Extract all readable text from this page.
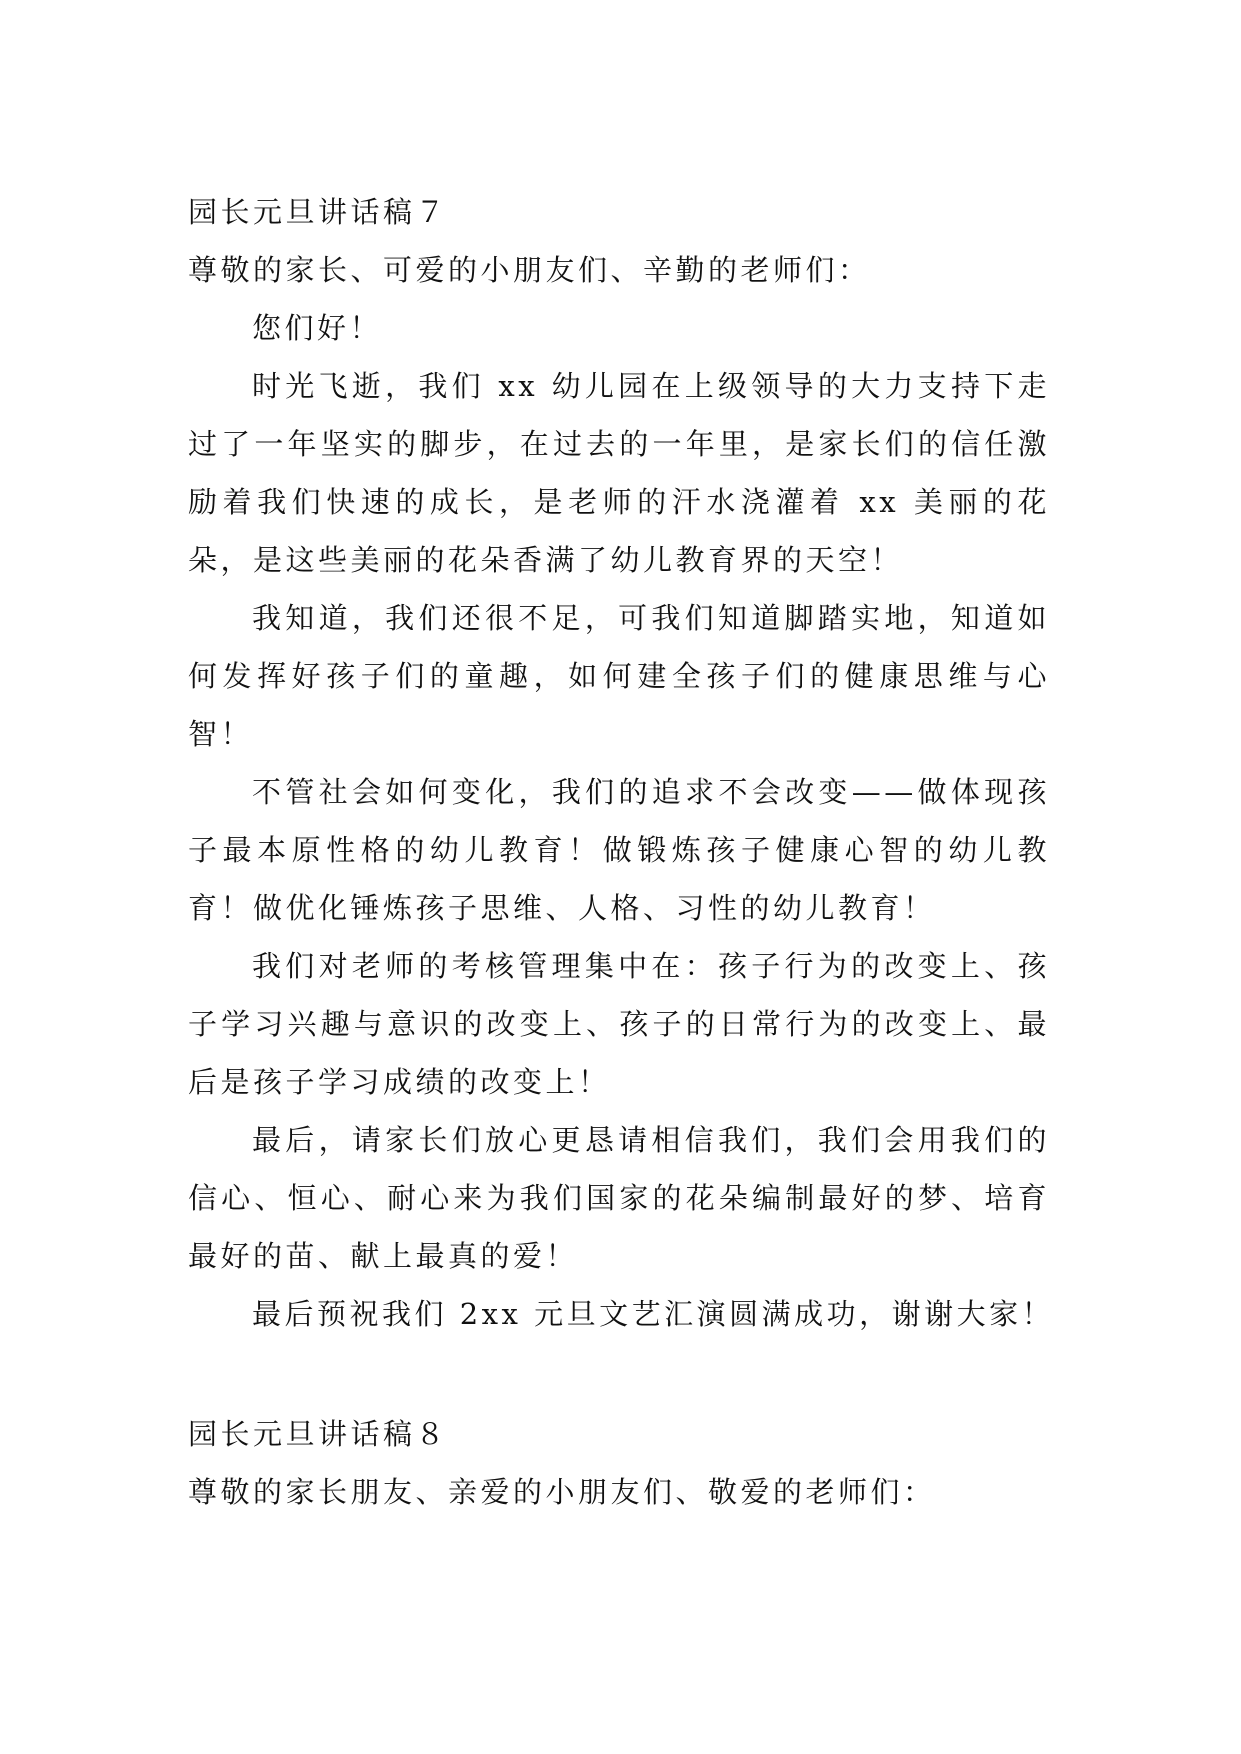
园长元旦讲话稿７

尊敬的家长、可爱的小朋友们、辛勤的老师们：

您们好！

时光飞逝，我们 xx 幼儿园在上级领导的大力支持下走过了一年坚实的脚步，在过去的一年里，是家长们的信任激励着我们快速的成长，是老师的汗水浇灌着 xx 美丽的花朵，是这些美丽的花朵香满了幼儿教育界的天空！

我知道，我们还很不足，可我们知道脚踏实地，知道如何发挥好孩子们的童趣，如何建全孩子们的健康思维与心智！

不管社会如何变化，我们的追求不会改变——做体现孩子最本原性格的幼儿教育！做锻炼孩子健康心智的幼儿教育！做优化锤炼孩子思维、人格、习性的幼儿教育！

我们对老师的考核管理集中在：孩子行为的改变上、孩子学习兴趣与意识的改变上、孩子的日常行为的改变上、最后是孩子学习成绩的改变上！

最后，请家长们放心更恳请相信我们，我们会用我们的信心、恒心、耐心来为我们国家的花朵编制最好的梦、培育最好的苗、献上最真的爱！

最后预祝我们 2xx 元旦文艺汇演圆满成功，谢谢大家！

园长元旦讲话稿８

尊敬的家长朋友、亲爱的小朋友们、敬爱的老师们：
